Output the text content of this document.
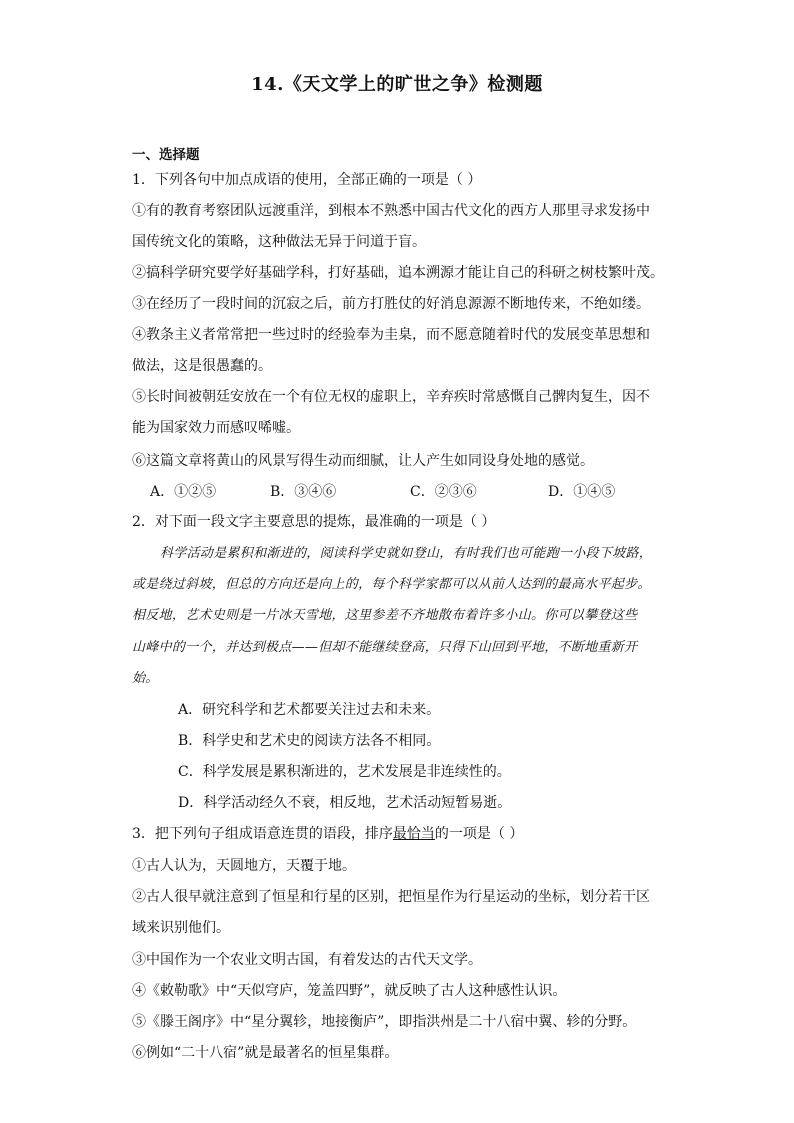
14.《天文学上的旷世之争》检测题
一、选择题
1．下列各句中加点成语的使用，全部正确的一项是（ ）
①有的教育考察团队远渡重洋，到根本不熟悉中国古代文化的西方人那里寻求发扬中
国传统文化的策略，这种做法无异于问道于盲。
②搞科学研究要学好基础学科，打好基础，追本溯源才能让自己的科研之树枝繁叶茂。
③在经历了一段时间的沉寂之后，前方打胜仗的好消息源源不断地传来，不绝如缕。
④教条主义者常常把一些过时的经验奉为圭臬，而不愿意随着时代的发展变革思想和
做法，这是很愚蠢的。
⑤长时间被朝廷安放在一个有位无权的虚职上，辛弃疾时常感慨自己髀肉复生，因不
能为国家效力而感叹唏嘘。
⑥这篇文章将黄山的风景写得生动而细腻，让人产生如同设身处地的感觉。
A．①②⑤	B．③④⑥	C．②③⑥	D．①④⑤
2．对下面一段文字主要意思的提炼，最准确的一项是（ ）
科学活动是累积和渐进的，阅读科学史就如登山，有时我们也可能跑一小段下坡路，
或是绕过斜坡，但总的方向还是向上的，每个科学家都可以从前人达到的最高水平起步。
相反地，艺术史则是一片冰天雪地，这里参差不齐地散布着许多小山。你可以攀登这些
山峰中的一个，并达到极点——但却不能继续登高，只得下山回到平地，不断地重新开
始。
A．研究科学和艺术都要关注过去和未来。
B．科学史和艺术史的阅读方法各不相同。
C．科学发展是累积渐进的，艺术发展是非连续性的。
D．科学活动经久不衰，相反地，艺术活动短暂易逝。
3．把下列句子组成语意连贯的语段，排序最恰当的一项是（ ）
①古人认为，天圆地方，天覆于地。
②古人很早就注意到了恒星和行星的区别，把恒星作为行星运动的坐标，划分若干区
域来识别他们。
③中国作为一个农业文明古国，有着发达的古代天文学。
④《敕勒歌》中“天似穹庐，笼盖四野”，就反映了古人这种感性认识。
⑤《滕王阁序》中“星分翼轸，地接衡庐”，即指洪州是二十八宿中翼、轸的分野。
⑥例如“二十八宿”就是最著名的恒星集群。
